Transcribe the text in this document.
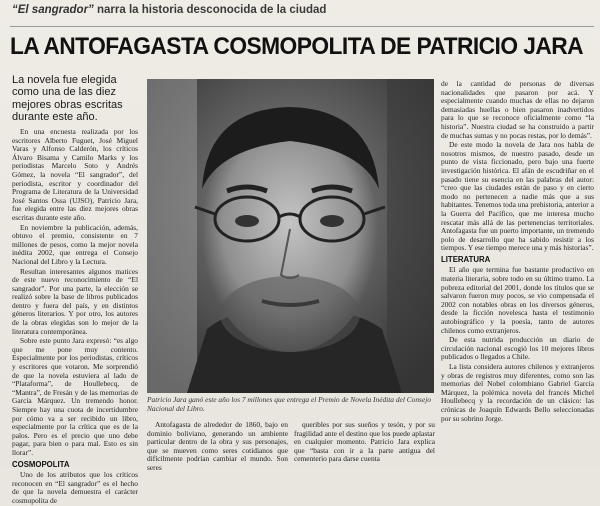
“El sangrador” narra la historia desconocida de la ciudad
LA ANTOFAGASTA COSMOPOLITA DE PATRICIO JARA
La novela fue elegida como una de las diez mejores obras escritas durante este año.

En una encuesta realizada por los escritores Alberto Fuguet, José Miguel Varas y Alfonso Calderón, los críticos Álvaro Bisama y Camilo Marks y los periodistas Marcelo Soto y Andrés Gómez, la novela “El sangrador”, del periodista, escritor y coordinador del Programa de Literatura de la Universidad José Santos Ossa (UJSO), Patricio Jara, fue elegida entre las diez mejores obras escritas durante este año.

En noviembre la publicación, además, obtuvo el premio, consistente en 7 millones de pesos, como la mejor novela inédita 2002, que entrega el Consejo Nacional del Libro y la Lectura.

Resultan interesantes algunos matices de este nuevo reconocimiento de “El sangrador”. Por una parte, la elección se realizó sobre la base de libros publicados dentro y fuera del país, y en distintos géneros literarios. Y por otro, los autores de la obras elegidas son lo mejor de la literatura contemporánea.

Sobre este punto Jara expresó: “es algo que me pone muy contento. Especialmente por los periodistas, críticos y escritores que votaron. Me sorprendió de que la novela estuviera al lado de “Plataforma”, de Houllebecq, de “Mantra”, de Fresán y de las memorias de García Márquez. Un tremendo honor. Siempre hay una cuota de incertidumbre por cómo va a ser recibido un libro, especialmente por la crítica que es de la palos. Pero es el precio que uno debe pagar, para bien o para mal. Esto es sin llorar”.

COSMOPOLITA

Uno de los atributos que los críticos reconocen en “El sangrador” es el hecho de que la novela demuestra el carácter cosmopolita de

Patricio Jara ganó este año los 7 millones que entrega el Premio de Novela Inédita del Consejo Nacional del Libro.

Antofagasta de alrededor de 1860, bajo en dominio boliviano, generando un ambiente particular dentro de la obra y sus personajes, que se mueven como seres cotidianos que difícilmente podrían cambiar el mundo. Son seres

queribles por sus sueños y tesón, y por su fragilidad ante el destino que los puede aplastar en cualquier momento. Patricio Jara explica que “basta con ir a la parte antigua del cementerio para darse cuenta

de la cantidad de personas de diversas nacionalidades que pasaron por acá. Y especialmente cuando muchas de ellas no dejaron demasiadas huellas o bien pasaron inadvertidos para lo que se reconoce oficialmente como “la historia”. Nuestra ciudad se ha construido a partir de muchas sumas y no pocas restas, por lo demás”.

De este modo la novela de Jara nos habla de nosotros mismos, de nuestro pasado, desde un punto de vista ficcionado, pero bajo una fuerte investigación histórica. El afán de escudriñar en el pasado tiene su esencia en las palabras del autor: “creo que las ciudades están de paso y en cierto modo no pertenecen a nadie más que a sus habitantes. Tenemos toda una prehistoria, anterior a la Guerra del Pacífico, que me interesa mucho rescatar más allá de las pertenencias territoriales. Antofagasta fue un puerto importante, un tremendo polo de desarrollo que ha sabido resistir a los tiempos. Y ese tiempo merece una y más historias”.

LITERATURA

El año que termina fue bastante productivo en materia literaria, sobre todo en su último tramo. La pobreza editorial del 2001, donde los títulos que se salvaron fueron muy pocos, se vio compensada el 2002 con notables obras en los diversos géneros, desde la ficción novelesca hasta el testimonio autobiográfico y la poesía, tanto de autores chilenos como extranjeros.

De esta nutrida producción un diario de circulación nacional escogió los 10 mejores libros publicados o llegados a Chile.

La lista considera autores chilenos y extranjeros y obras de registros muy diferentes, como son las memorias del Nobel colombiano Gabriel García Márquez, la polémica novela del francés Michel Houllebecq y la recordación de un clásico: las crónicas de Joaquín Edwards Bello seleccionadas por su sobrino Jorge.
